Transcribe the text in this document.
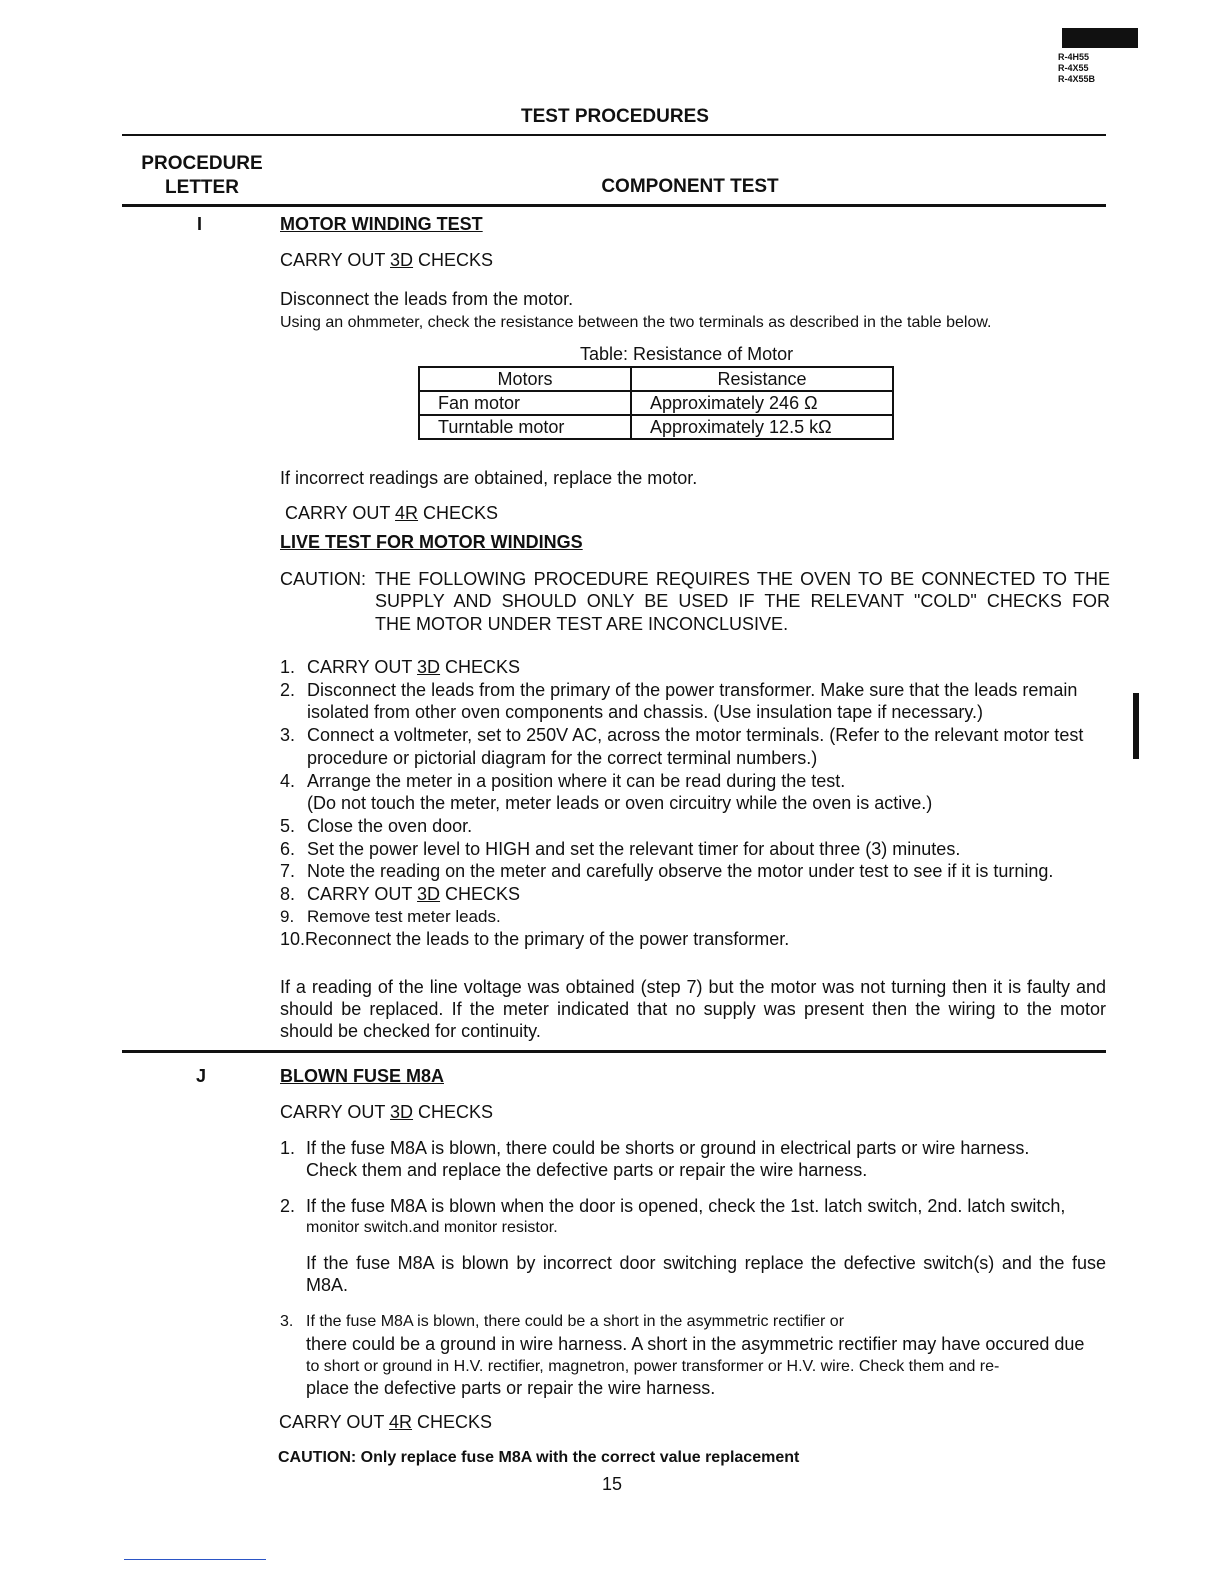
R-4H55
R-4X55
R-4X55B
TEST PROCEDURES
PROCEDURE
LETTER	COMPONENT TEST
I	MOTOR WINDING TEST
CARRY OUT 3D CHECKS
Disconnect the leads from the motor.
Using an ohmmeter, check the resistance between the two terminals as described in the table below.
Table: Resistance of Motor
Motors	Resistance
Fan motor	Approximately 246 Ω
Turntable motor	Approximately 12.5 kΩ
If incorrect readings are obtained, replace the motor.
CARRY OUT 4R CHECKS
LIVE TEST FOR MOTOR WINDINGS
CAUTION: THE FOLLOWING PROCEDURE REQUIRES THE OVEN TO BE CONNECTED TO THE
SUPPLY AND SHOULD ONLY BE USED IF THE RELEVANT "COLD" CHECKS FOR
THE MOTOR UNDER TEST ARE INCONCLUSIVE.
1. CARRY OUT 3D CHECKS
2. Disconnect the leads from the primary of the power transformer. Make sure that the leads remain
isolated from other oven components and chassis. (Use insulation tape if necessary.)
3. Connect a voltmeter, set to 250V AC, across the motor terminals. (Refer to the relevant motor test
procedure or pictorial diagram for the correct terminal numbers.)
4. Arrange the meter in a position where it can be read during the test.
(Do not touch the meter, meter leads or oven circuitry while the oven is active.)
5. Close the oven door.
6. Set the power level to HIGH and set the relevant timer for about three (3) minutes.
7. Note the reading on the meter and carefully observe the motor under test to see if it is turning.
8. CARRY OUT 3D CHECKS
9. Remove test meter leads.
10. Reconnect the leads to the primary of the power transformer.
If a reading of the line voltage was obtained (step 7) but the motor was not turning then it is faulty and should be replaced. If the meter indicated that no supply was present then the wiring to the motor should be checked for continuity.
J	BLOWN FUSE M8A
CARRY OUT 3D CHECKS
1. If the fuse M8A is blown, there could be shorts or ground in electrical parts or wire harness.
Check them and replace the defective parts or repair the wire harness.
2. If the fuse M8A is blown when the door is opened, check the 1st. latch switch, 2nd. latch switch,
monitor switch.and monitor resistor.
If the fuse M8A is blown by incorrect door switching replace the defective switch(s) and the fuse M8A.
3. If the fuse M8A is blown, there could be a short in the asymmetric rectifier or
there could be a ground in wire harness. A short in the asymmetric rectifier may have occured due
to short or ground in H.V. rectifier, magnetron, power transformer or H.V. wire. Check them and re-
place the defective parts or repair the wire harness.
CARRY OUT 4R CHECKS
CAUTION: Only replace fuse M8A with the correct value replacement
15
